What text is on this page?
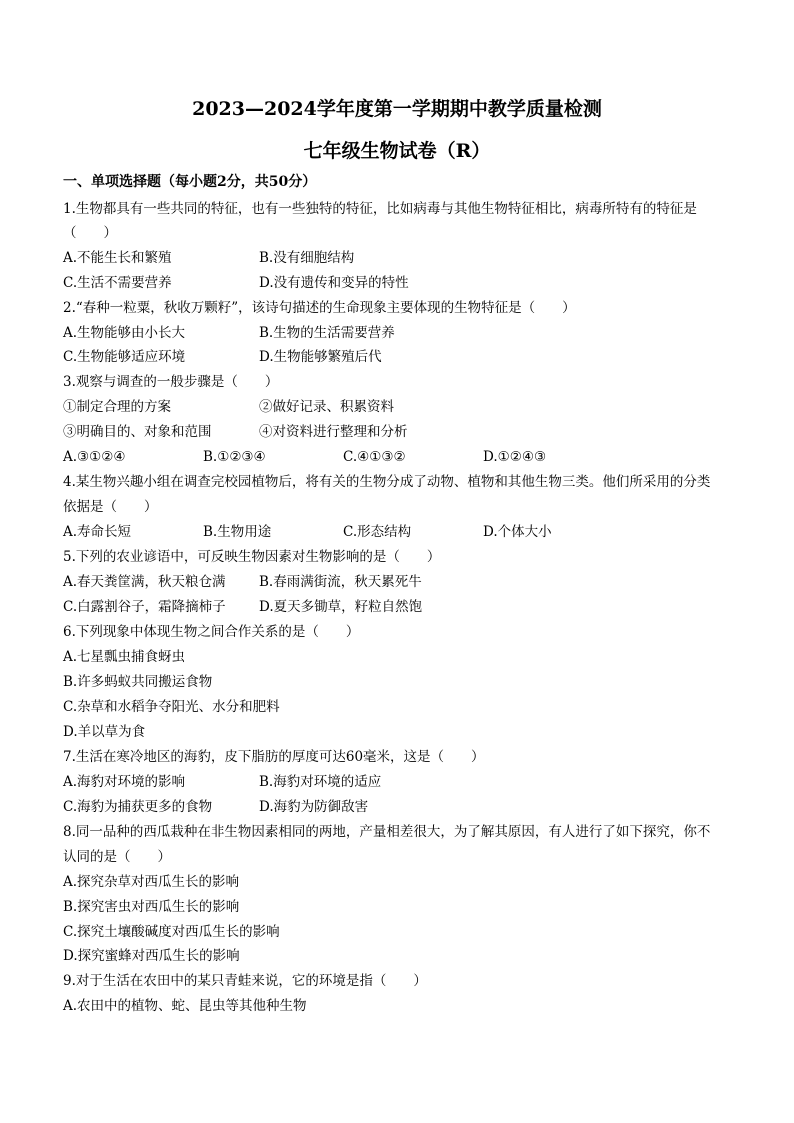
2023—2024学年度第一学期期中教学质量检测
七年级生物试卷（R）
一、单项选择题（每小题2分，共50分）
1.生物都具有一些共同的特征，也有一些独特的特征，比如病毒与其他生物特征相比，病毒所特有的特征是
（　　）
A.不能生长和繁殖	B.没有细胞结构
C.生活不需要营养	D.没有遗传和变异的特性
2.“春种一粒粟，秋收万颗籽”，该诗句描述的生命现象主要体现的生物特征是（　　）
A.生物能够由小长大	B.生物的生活需要营养
C.生物能够适应环境	D.生物能够繁殖后代
3.观察与调查的一般步骤是（　　）
①制定合理的方案	②做好记录、积累资料
③明确目的、对象和范围	④对资料进行整理和分析
A.③①②④	B.①②③④	C.④①③②	D.①②④③
4.某生物兴趣小组在调查完校园植物后，将有关的生物分成了动物、植物和其他生物三类。他们所采用的分类
依据是（　　）
A.寿命长短	B.生物用途	C.形态结构	D.个体大小
5.下列的农业谚语中，可反映生物因素对生物影响的是（　　）
A.春天粪筐满，秋天粮仓满 B.春雨满街流，秋天累死牛
C.白露割谷子，霜降摘柿子 D.夏天多锄草，籽粒自然饱
6.下列现象中体现生物之间合作关系的是（　　）
A.七星瓢虫捕食蚜虫
B.许多蚂蚁共同搬运食物
C.杂草和水稻争夺阳光、水分和肥料
D.羊以草为食
7.生活在寒冷地区的海豹，皮下脂肪的厚度可达60毫米，这是（　　）
A.海豹对环境的影响	B.海豹对环境的适应
C.海豹为捕获更多的食物	D.海豹为防御敌害
8.同一品种的西瓜栽种在非生物因素相同的两地，产量相差很大，为了解其原因，有人进行了如下探究，你不
认同的是（　　）
A.探究杂草对西瓜生长的影响
B.探究害虫对西瓜生长的影响
C.探究土壤酸碱度对西瓜生长的影响
D.探究蜜蜂对西瓜生长的影响
9.对于生活在农田中的某只青蛙来说，它的环境是指（　　）
A.农田中的植物、蛇、昆虫等其他种生物
